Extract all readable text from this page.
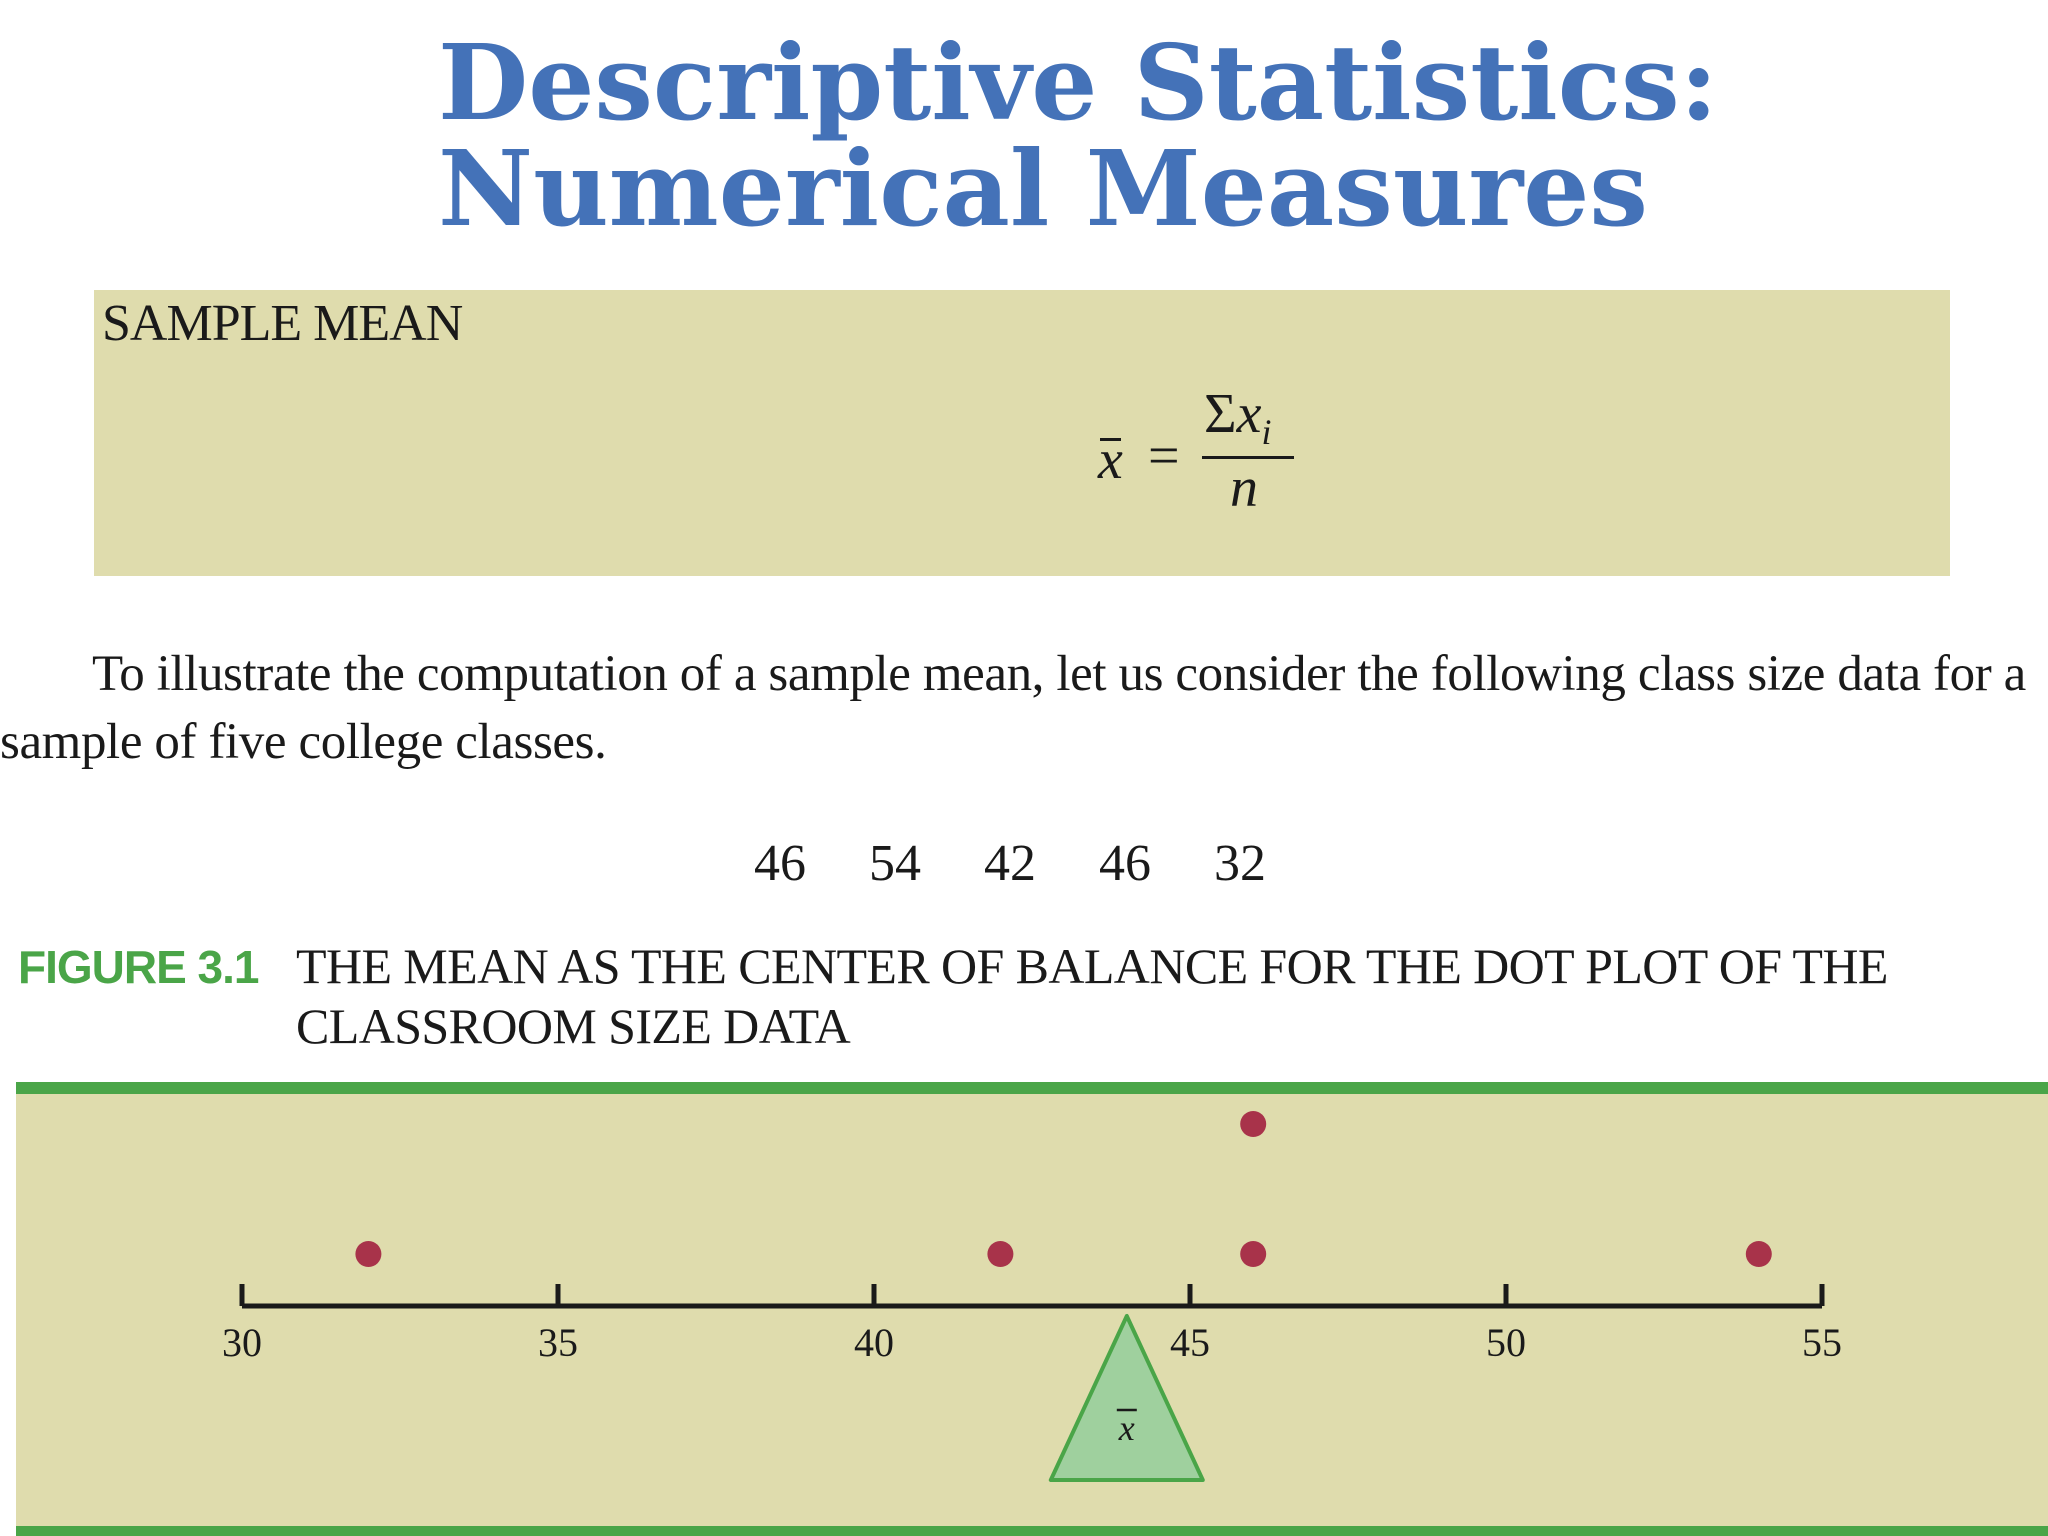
Descriptive Statistics:
Numerical Measures
SAMPLE MEAN
x =
$\Sigma x_i$
n

To illustrate the computation of a sample mean, let us consider the following class size data for a sample of five college classes.

46 54 42 46 32
FIGURE 3.1 THE MEAN AS THE CENTER OF BALANCE FOR THE DOT PLOT OF THE CLASSROOM SIZE DATA
30	35	40	45	50	55
x
